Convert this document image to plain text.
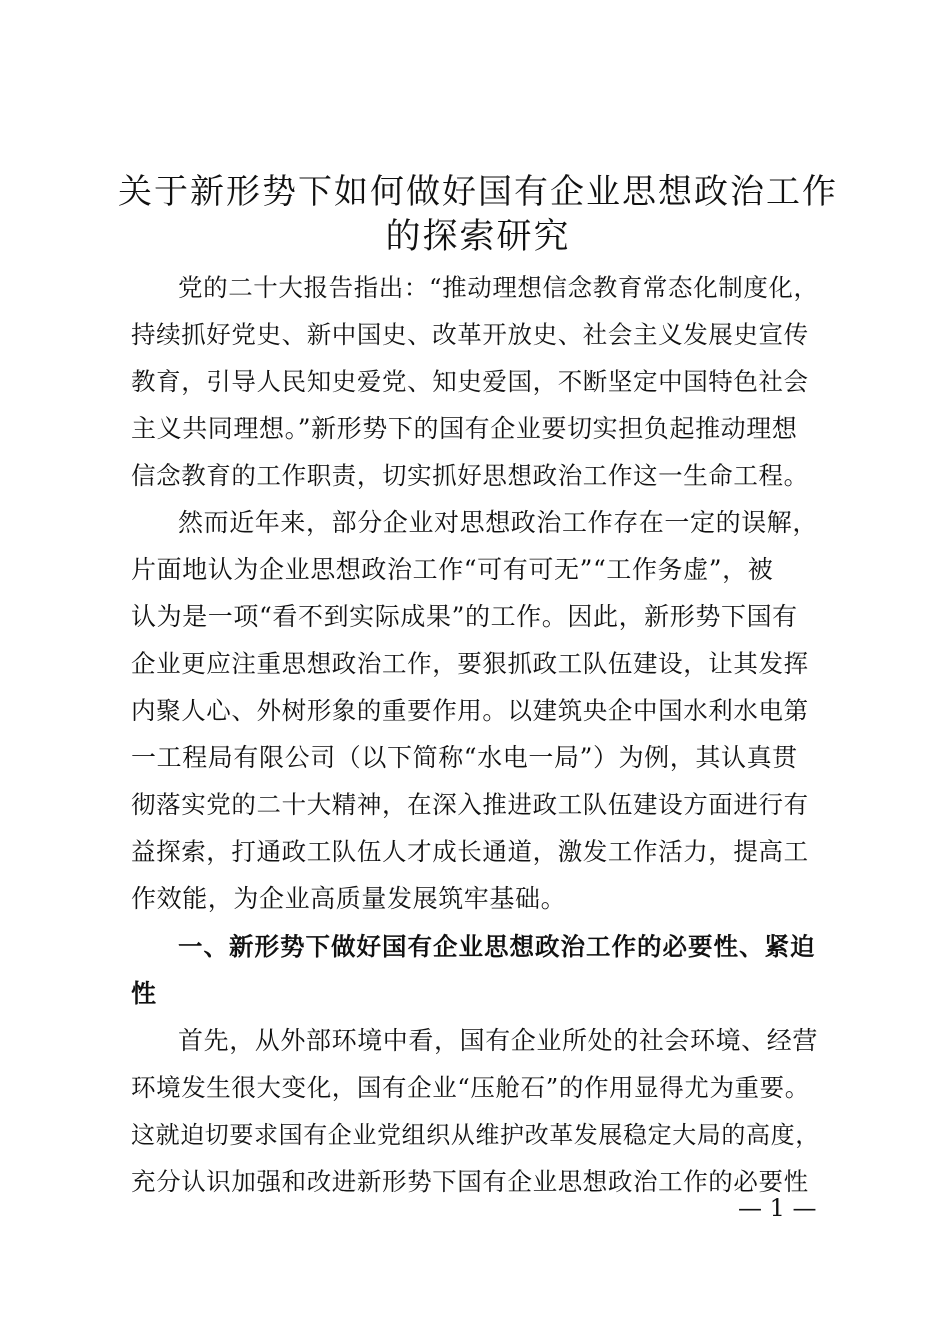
关于新形势下如何做好国有企业思想政治工作
的探索研究
党的二十大报告指出：“推动理想信念教育常态化制度化，
持续抓好党史、新中国史、改革开放史、社会主义发展史宣传
教育，引导人民知史爱党、知史爱国，不断坚定中国特色社会
主义共同理想。”新形势下的国有企业要切实担负起推动理想
信念教育的工作职责，切实抓好思想政治工作这一生命工程。
然而近年来，部分企业对思想政治工作存在一定的误解，
片面地认为企业思想政治工作“可有可无”“工作务虚”，被
认为是一项“看不到实际成果”的工作。因此，新形势下国有
企业更应注重思想政治工作，要狠抓政工队伍建设，让其发挥
内聚人心、外树形象的重要作用。以建筑央企中国水利水电第
一工程局有限公司（以下简称“水电一局”）为例，其认真贯
彻落实党的二十大精神，在深入推进政工队伍建设方面进行有
益探索，打通政工队伍人才成长通道，激发工作活力，提高工
作效能，为企业高质量发展筑牢基础。
一、新形势下做好国有企业思想政治工作的必要性、紧迫
性
首先，从外部环境中看，国有企业所处的社会环境、经营
环境发生很大变化，国有企业“压舱石”的作用显得尤为重要。
这就迫切要求国有企业党组织从维护改革发展稳定大局的高度，
充分认识加强和改进新形势下国有企业思想政治工作的必要性
— 1 —
